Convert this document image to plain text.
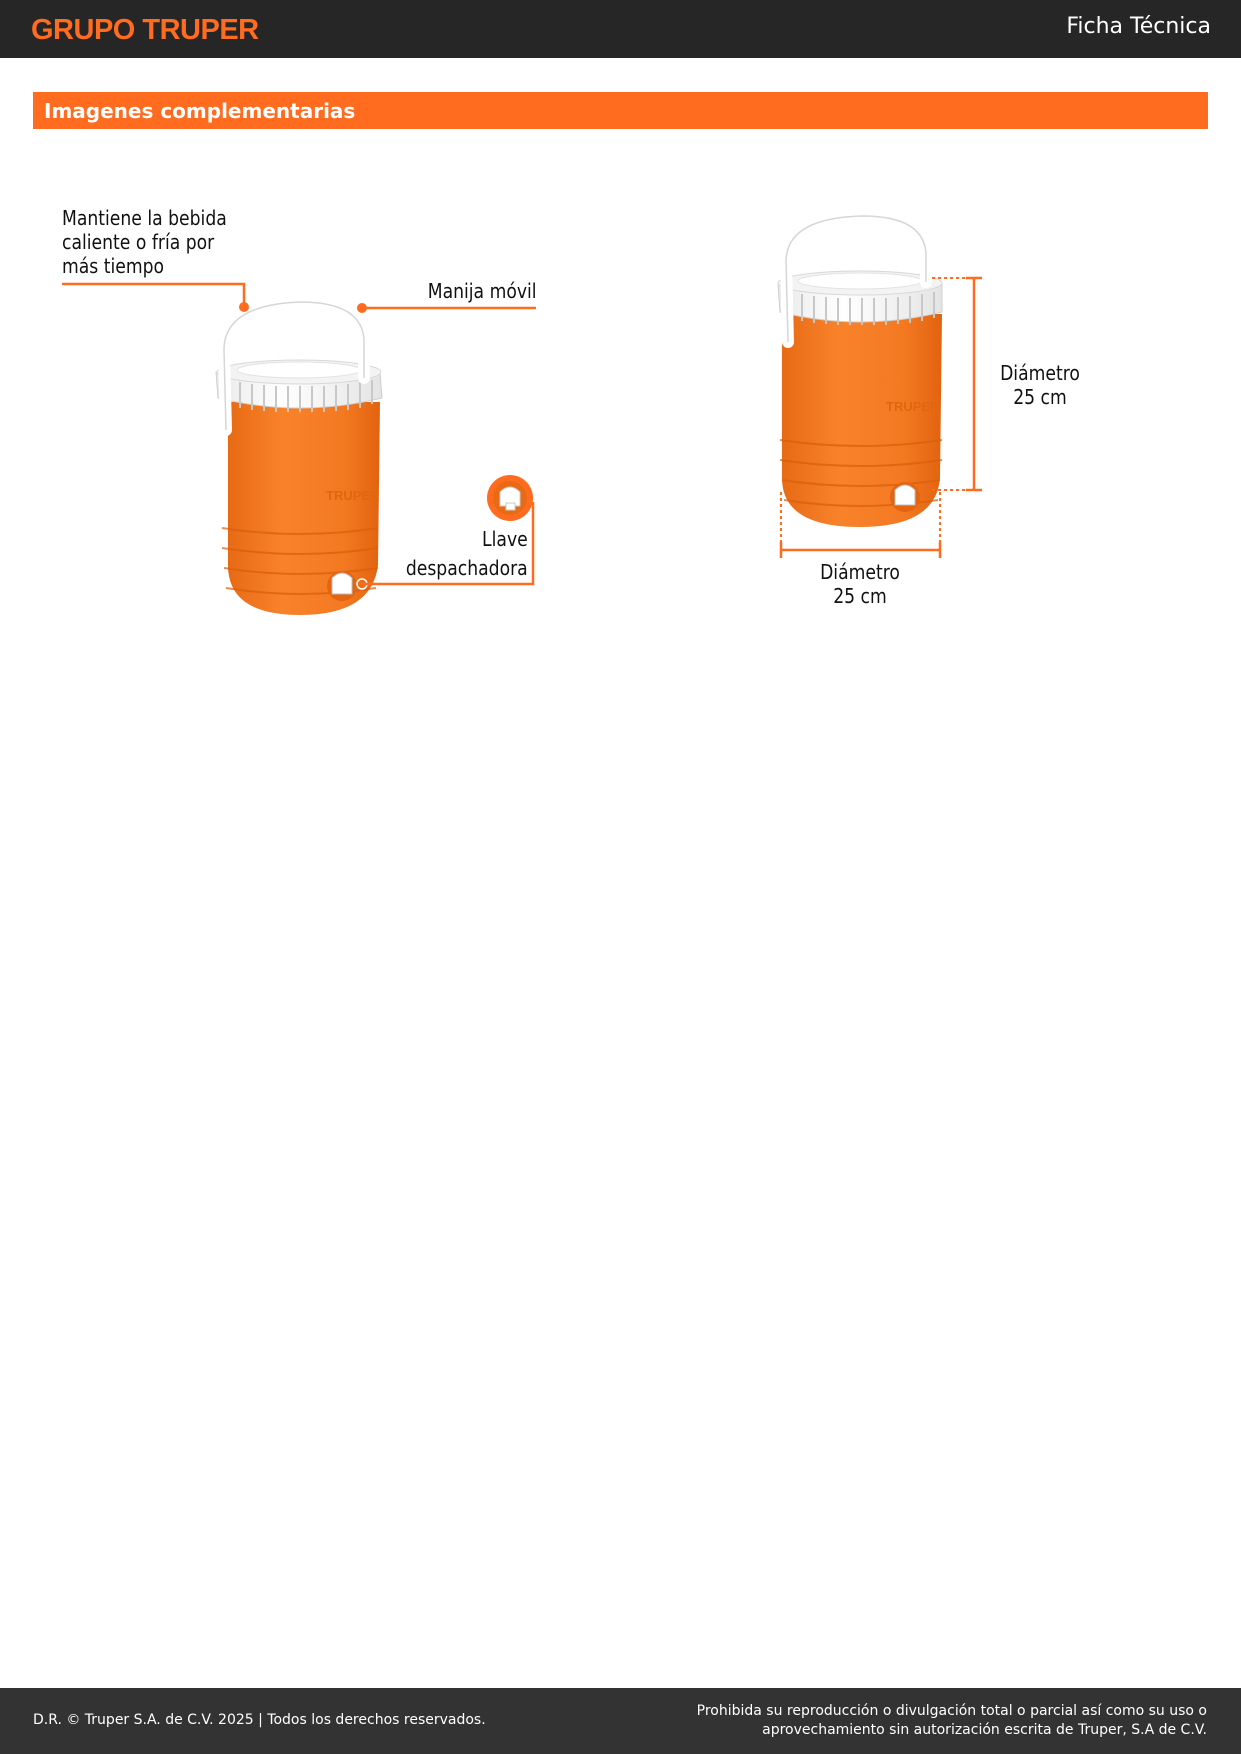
GRUPO TRUPER	Ficha Técnica
Imagenes complementarias
TRUPER
TRUPER
Mantiene la bebida
caliente o fría por
más tiempo
Manija móvil
Llave
despachadora
Diámetro
25 cm
Diámetro
25 cm
D.R. © Truper S.A. de C.V. 2025 | Todos los derechos reservados.
Prohibida su reproducción o divulgación total o parcial así como su uso o
aprovechamiento sin autorización escrita de Truper, S.A de C.V.
